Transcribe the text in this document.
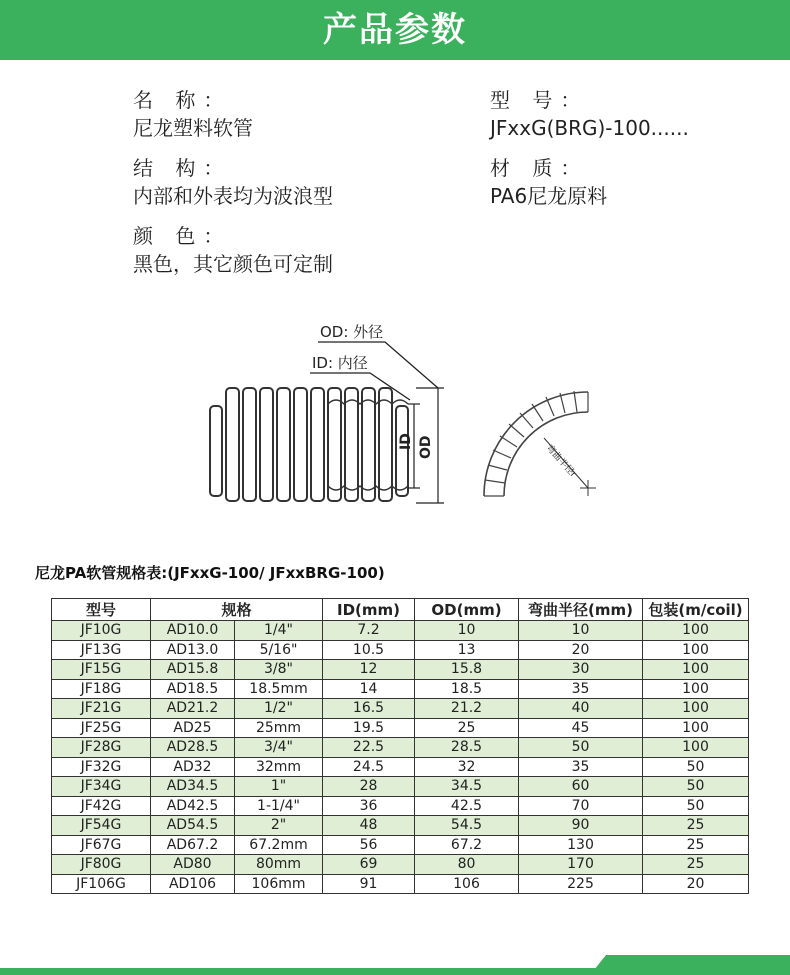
产品参数
名 称：
尼龙塑料软管
型 号：
JFxxG(BRG)-100......
结 构：
内部和外表均为波浪型
材 质：
PA6尼龙原料
颜 色：
黑色，其它颜色可定制
OD: 外径
ID: 内径
ID OD	弯曲半径r
尼龙PA软管规格表:(JFxxG-100/ JFxxBRG-100)
型号	规格		ID(mm)	OD(mm)	弯曲半径(mm)	包装(m/coil)
JF10G	AD10.0	1/4"	7.2	10	10	100
JF13G	AD13.0	5/16"	10.5	13	20	100
JF15G	AD15.8	3/8"	12	15.8	30	100
JF18G	AD18.5	18.5mm	14	18.5	35	100
JF21G	AD21.2	1/2"	16.5	21.2	40	100
JF25G	AD25	25mm	19.5	25	45	100
JF28G	AD28.5	3/4"	22.5	28.5	50	100
JF32G	AD32	32mm	24.5	32	35	50
JF34G	AD34.5	1"	28	34.5	60	50
JF42G	AD42.5	1-1/4"	36	42.5	70	50
JF54G	AD54.5	2"	48	54.5	90	25
JF67G	AD67.2	67.2mm	56	67.2	130	25
JF80G	AD80	80mm	69	80	170	25
JF106G	AD106	106mm	91	106	225	20
